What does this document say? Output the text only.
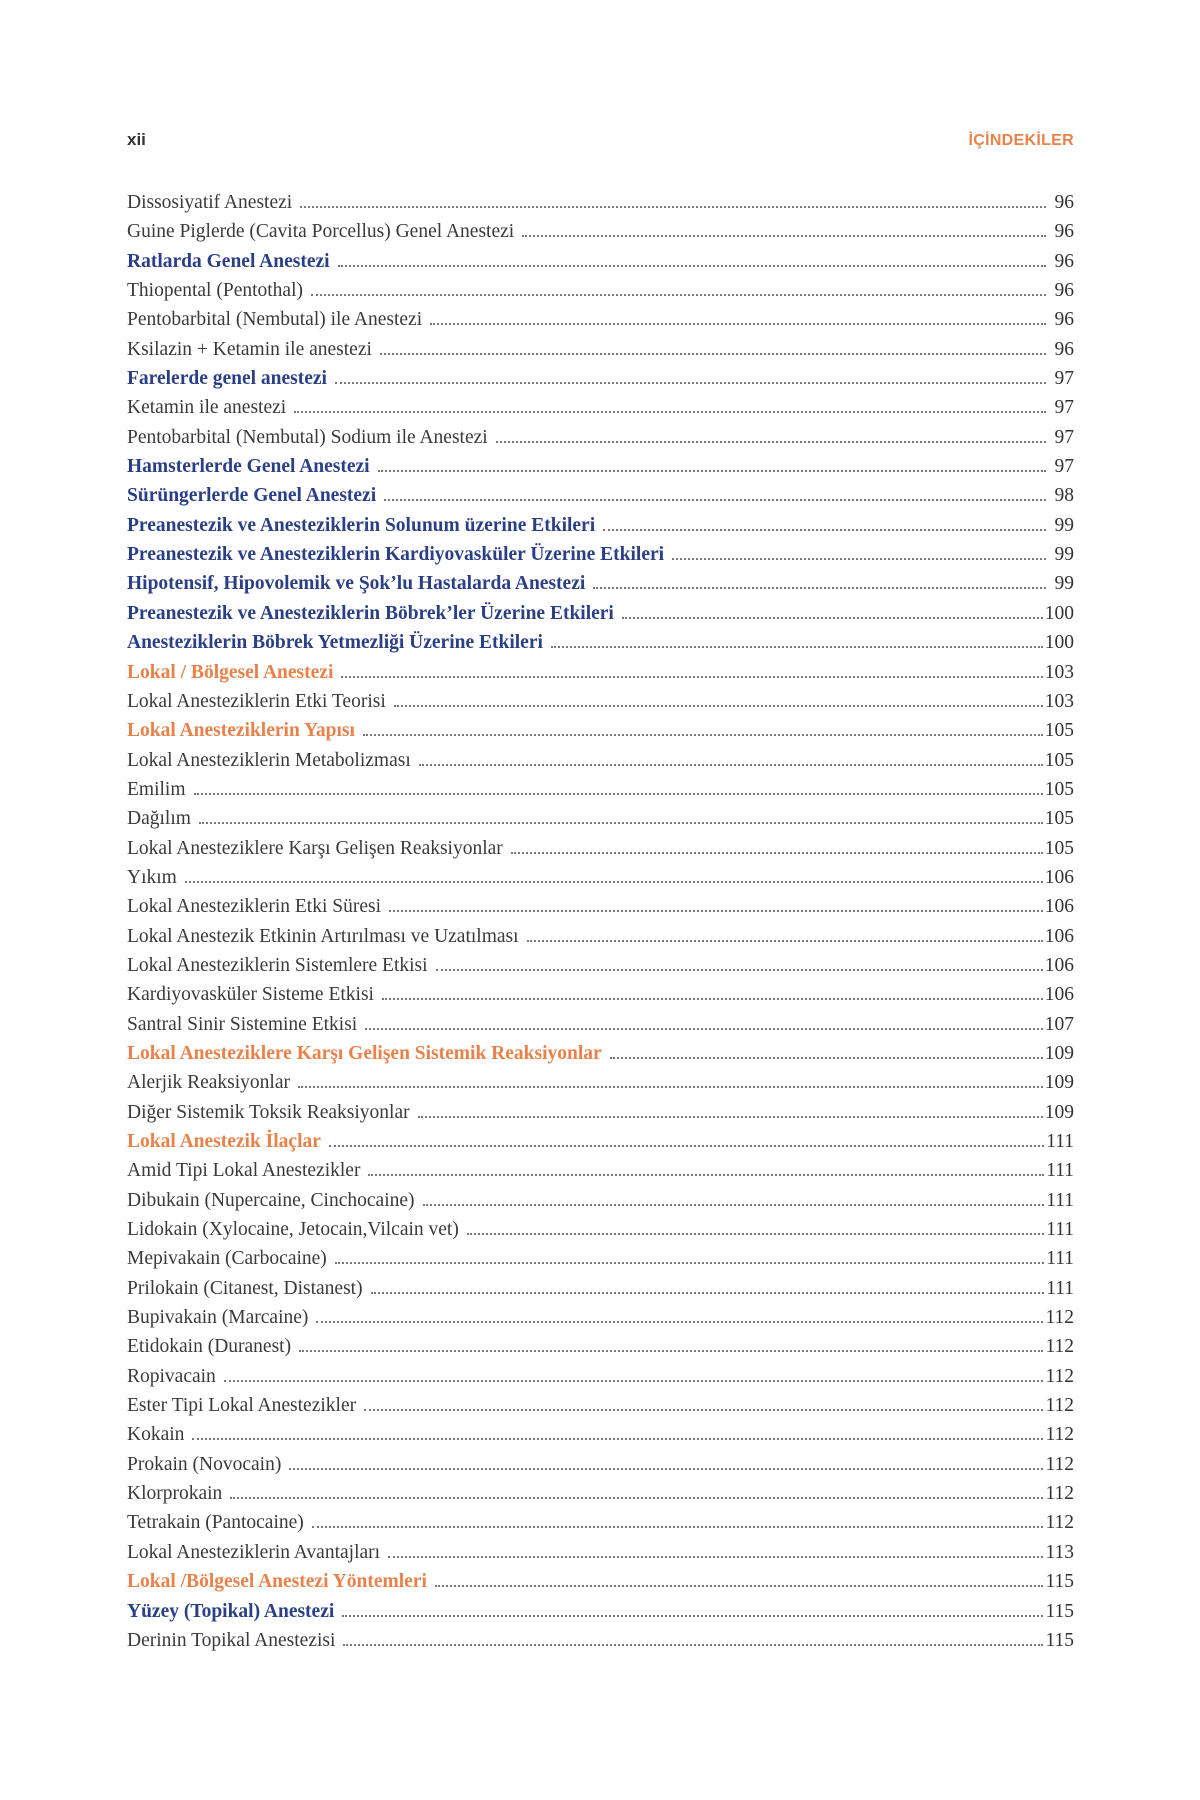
xii	İÇİNDEKİLER
Dissosiyatif Anestezi	96
Guine Piglerde (Cavita Porcellus) Genel Anestezi	96
Ratlarda Genel Anestezi	96
Thiopental (Pentothal)	96
Pentobarbital (Nembutal) ile Anestezi	96
Ksilazin + Ketamin ile anestezi	96
Farelerde genel anestezi	97
Ketamin ile anestezi	97
Pentobarbital (Nembutal) Sodium ile Anestezi	97
Hamsterlerde Genel Anestezi	97
Sürüngerlerde Genel Anestezi	98
Preanestezik ve Anesteziklerin Solunum üzerine Etkileri	99
Preanestezik ve Anesteziklerin Kardiyovasküler Üzerine Etkileri	99
Hipotensif, Hipovolemik ve Şok’lu Hastalarda Anestezi	99
Preanestezik ve Anesteziklerin Böbrek’ler Üzerine Etkileri	100
Anesteziklerin Böbrek Yetmezliği Üzerine Etkileri	100
Lokal / Bölgesel Anestezi	103
Lokal Anesteziklerin Etki Teorisi	103
Lokal Anesteziklerin Yapısı	105
Lokal Anesteziklerin Metabolizması	105
Emilim	105
Dağılım	105
Lokal Anesteziklere Karşı Gelişen Reaksiyonlar	105
Yıkım	106
Lokal Anesteziklerin Etki Süresi	106
Lokal Anestezik Etkinin Artırılması ve Uzatılması	106
Lokal Anesteziklerin Sistemlere Etkisi	106
Kardiyovasküler Sisteme Etkisi	106
Santral Sinir Sistemine Etkisi	107
Lokal Anesteziklere Karşı Gelişen Sistemik Reaksiyonlar	109
Alerjik Reaksiyonlar	109
Diğer Sistemik Toksik Reaksiyonlar	109
Lokal Anestezik İlaçlar	111
Amid Tipi Lokal Anestezikler	111
Dibukain (Nupercaine, Cinchocaine)	111
Lidokain (Xylocaine, Jetocain,Vilcain vet)	111
Mepivakain (Carbocaine)	111
Prilokain (Citanest, Distanest)	111
Bupivakain (Marcaine)	112
Etidokain (Duranest)	112
Ropivacain	112
Ester Tipi Lokal Anestezikler	112
Kokain	112
Prokain (Novocain)	112
Klorprokain	112
Tetrakain (Pantocaine)	112
Lokal Anesteziklerin Avantajları	113
Lokal /Bölgesel Anestezi Yöntemleri	115
Yüzey (Topikal) Anestezi	115
Derinin Topikal Anestezisi	115
